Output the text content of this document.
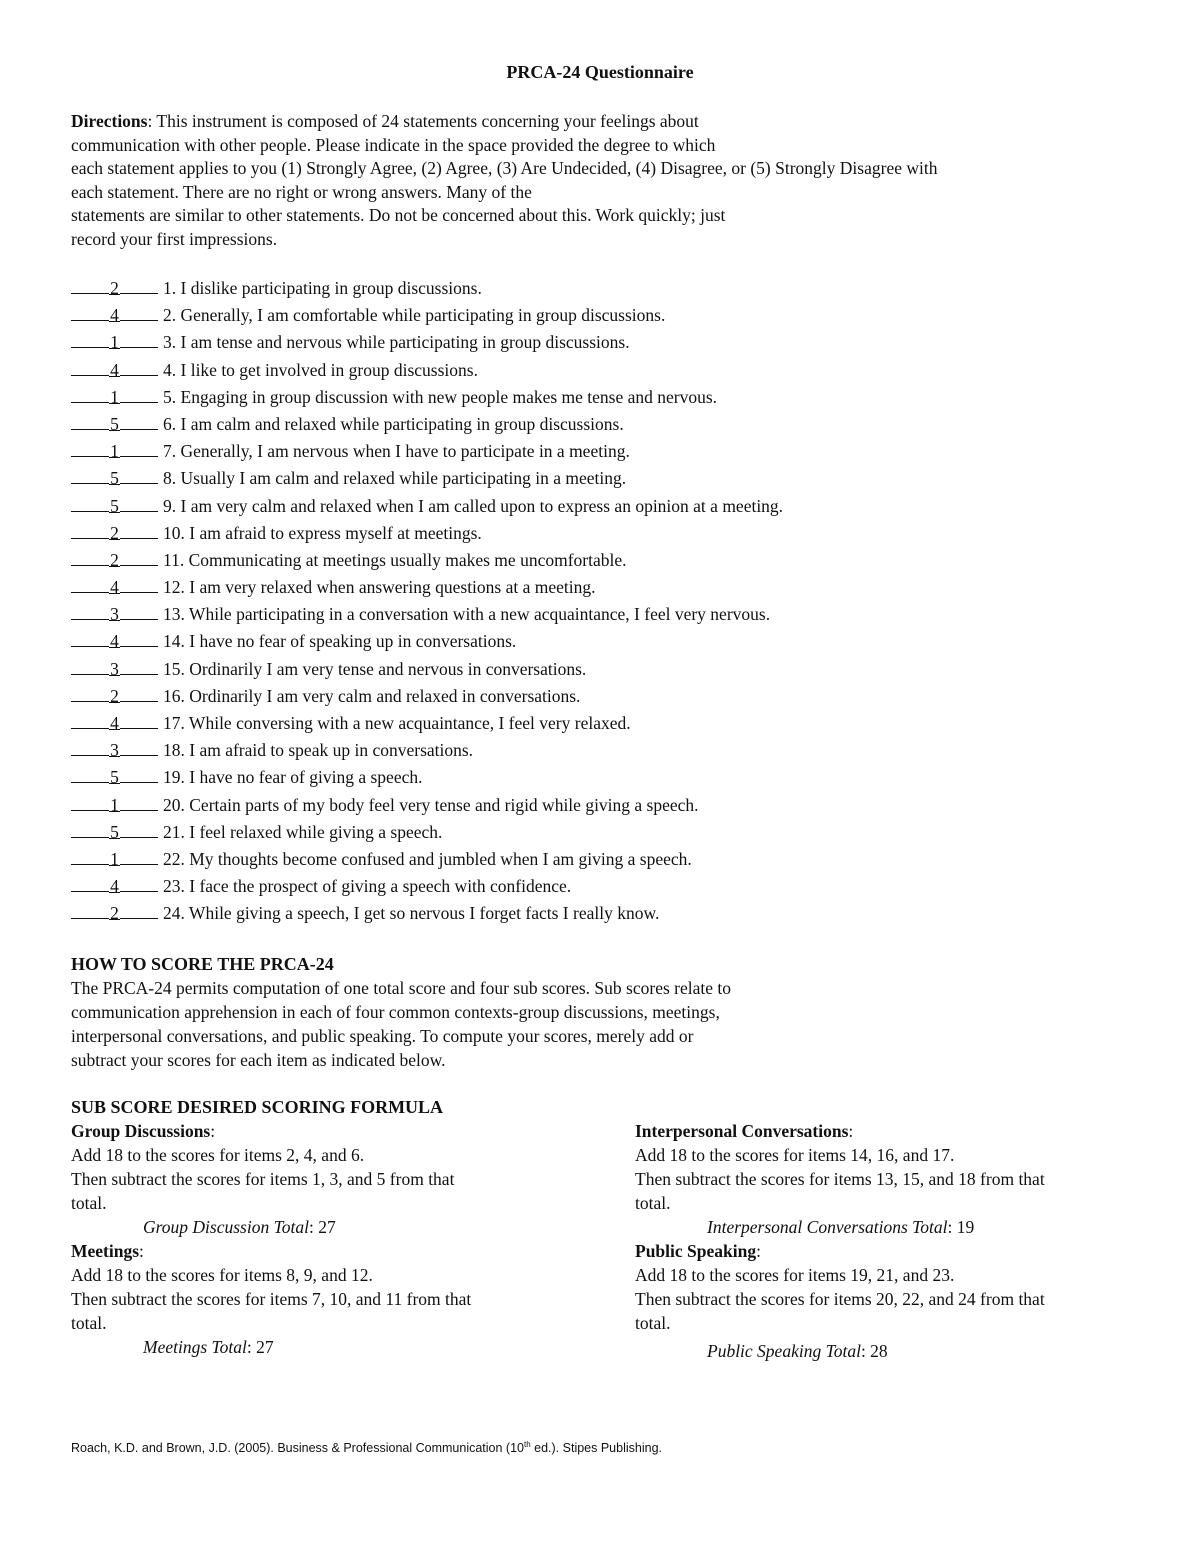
PRCA-24 Questionnaire
Directions: This instrument is composed of 24 statements concerning your feelings about
communication with other people. Please indicate in the space provided the degree to which
each statement applies to you (1) Strongly Agree, (2) Agree, (3) Are Undecided, (4) Disagree, or (5) Strongly Disagree with
each statement. There are no right or wrong answers. Many of the
statements are similar to other statements. Do not be concerned about this. Work quickly; just
record your first impressions.
2	1. I dislike participating in group discussions.
4	2. Generally, I am comfortable while participating in group discussions.
1	3. I am tense and nervous while participating in group discussions.
4	4. I like to get involved in group discussions.
1	5. Engaging in group discussion with new people makes me tense and nervous.
5	6. I am calm and relaxed while participating in group discussions.
1	7. Generally, I am nervous when I have to participate in a meeting.
5	8. Usually I am calm and relaxed while participating in a meeting.
5	9. I am very calm and relaxed when I am called upon to express an opinion at a meeting.
2	10. I am afraid to express myself at meetings.
2	11. Communicating at meetings usually makes me uncomfortable.
4	12. I am very relaxed when answering questions at a meeting.
3	13. While participating in a conversation with a new acquaintance, I feel very nervous.
4	14. I have no fear of speaking up in conversations.
3	15. Ordinarily I am very tense and nervous in conversations.
2	16. Ordinarily I am very calm and relaxed in conversations.
4	17. While conversing with a new acquaintance, I feel very relaxed.
3	18. I am afraid to speak up in conversations.
5	19. I have no fear of giving a speech.
1	20. Certain parts of my body feel very tense and rigid while giving a speech.
5	21. I feel relaxed while giving a speech.
1	22. My thoughts become confused and jumbled when I am giving a speech.
4	23. I face the prospect of giving a speech with confidence.
2	24. While giving a speech, I get so nervous I forget facts I really know.
HOW TO SCORE THE PRCA-24
The PRCA-24 permits computation of one total score and four sub scores. Sub scores relate to
communication apprehension in each of four common contexts-group discussions, meetings,
interpersonal conversations, and public speaking. To compute your scores, merely add or
subtract your scores for each item as indicated below.
SUB SCORE DESIRED SCORING FORMULA
Group Discussions:
Add 18 to the scores for items 2, 4, and 6.
Then subtract the scores for items 1, 3, and 5 from that
total.
Group Discussion Total: 27
Meetings:
Add 18 to the scores for items 8, 9, and 12.
Then subtract the scores for items 7, 10, and 11 from that
total.
Meetings Total: 27
Interpersonal Conversations:
Add 18 to the scores for items 14, 16, and 17.
Then subtract the scores for items 13, 15, and 18 from that
total.
Interpersonal Conversations Total: 19
Public Speaking:
Add 18 to the scores for items 19, 21, and 23.
Then subtract the scores for items 20, 22, and 24 from that
total.
Public Speaking Total: 28
Roach, K.D. and Brown, J.D. (2005). Business & Professional Communication (10th ed.). Stipes Publishing.
